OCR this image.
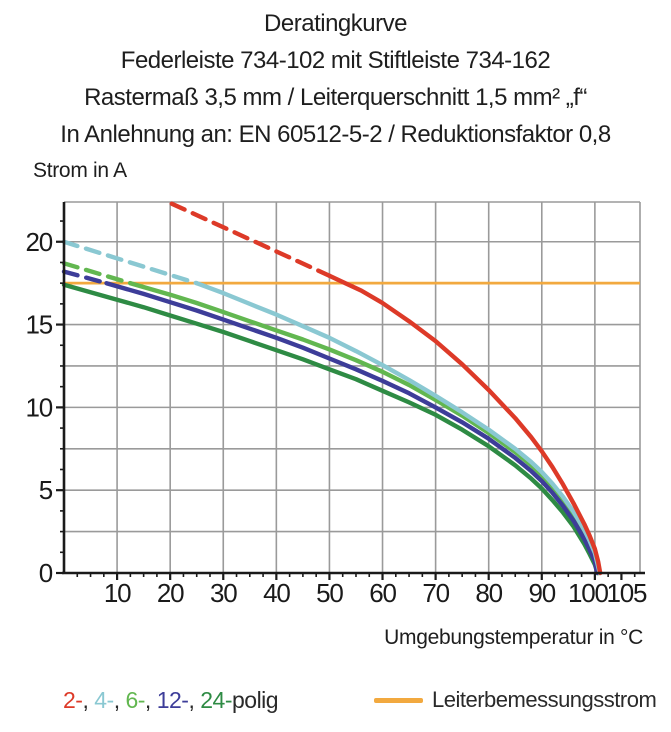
Deratingkurve
Federleiste 734-102 mit Stiftleiste 734-162
Rastermaß 3,5 mm / Leiterquerschnitt 1,5 mm² „f“
In Anlehnung an: EN 60512-5-2 / Reduktionsfaktor 0,8
Strom in A
10 20 30 40 50 60 70 80 90 100
105
0
5
10
15
20
Umgebungstemperatur in °C
2-, 4-, 6-, 12-, 24-polig	Leiterbemessungsstrom
